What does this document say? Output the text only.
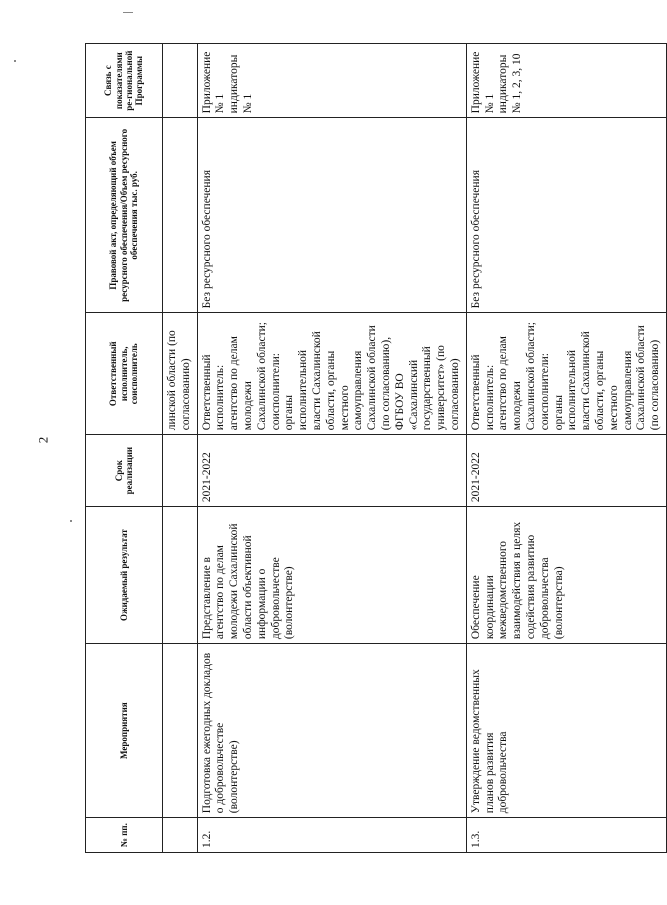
2
№ пп.	Мероприятия	Ожидаемый результат	Срок реализации	Ответственный исполнитель, соисполнитель	Правовой акт, определяющий объем ресурсного обеспечения/Объем ресурсного обеспечения тыс. руб.	Связь с показателями ре-гиональной Программы
				линской области (по согласованию)		
1.2.	Подготовка ежегодных докладов о добровольчестве (волонтерстве)	Представление в агентство по делам молодежи Сахалинской области объективной информации о добровольчестве (волонтерстве)	2021-2022	Ответственный исполнитель: агентство по делам молодежи Сахалинской области; соисполнители: органы исполнительной власти Сахалинской области, органы местного самоуправления Сахалинской области (по согласованию), ФГБОУ ВО «Сахалинский государственный университет» (по согласованию)	Без ресурсного обеспечения	Приложение № 1 индикаторы № 1
1.3.	Утверждение ведомственных планов развития добровольчества	Обеспечение координации межведомственного взаимодействия в целях содействия развитию добровольчества (волонтерства)	2021-2022	Ответственный исполнитель: агентство по делам молодежи Сахалинской области; соисполнители: органы исполнительной власти Сахалинской области, органы местного самоуправления Сахалинской области (по согласованию)	Без ресурсного обеспечения	Приложение № 1 индикаторы № 1, 2, 3, 10
